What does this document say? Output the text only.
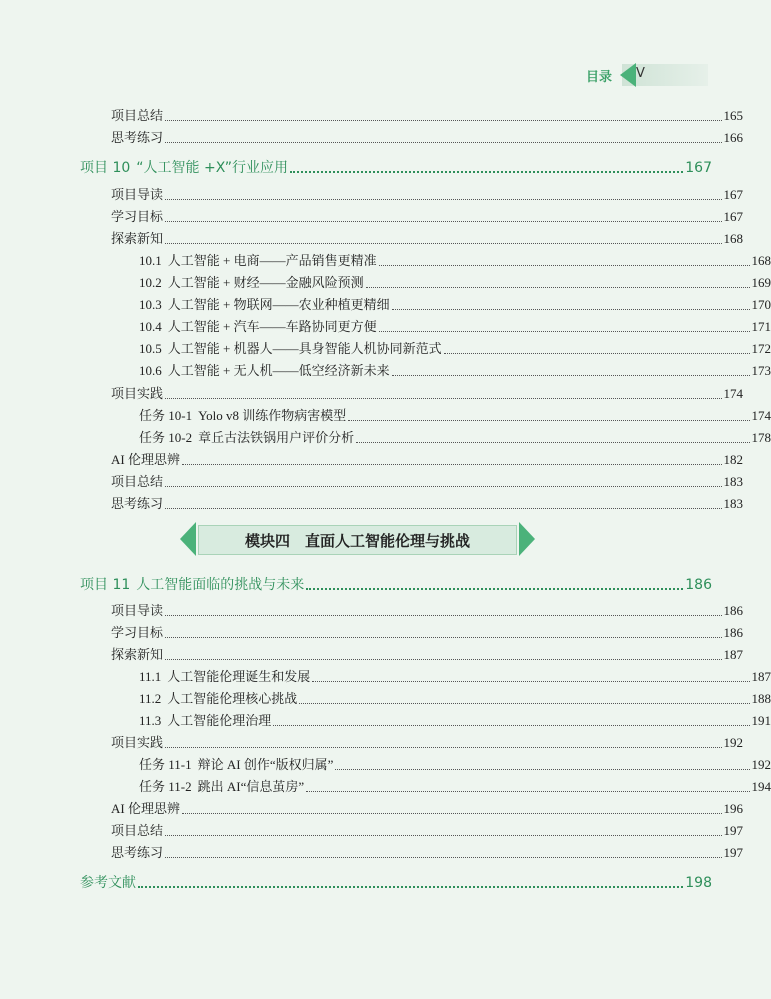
目录 V
项目总结	165
思考练习	166
项目 10 “人工智能 +X”行业应用	167
项目导读	167
学习目标	167
探索新知	168
10.1 人工智能 + 电商——产品销售更精准	168
10.2 人工智能 + 财经——金融风险预测	169
10.3 人工智能 + 物联网——农业种植更精细	170
10.4 人工智能 + 汽车——车路协同更方便	171
10.5 人工智能 + 机器人——具身智能人机协同新范式	172
10.6 人工智能 + 无人机——低空经济新未来	173
项目实践	174
任务 10-1 Yolo v8 训练作物病害模型	174
任务 10-2 章丘古法铁锅用户评价分析	178
AI 伦理思辨	182
项目总结	183
思考练习	183
模块四　直面人工智能伦理与挑战
项目 11 人工智能面临的挑战与未来	186
项目导读	186
学习目标	186
探索新知	187
11.1 人工智能伦理诞生和发展	187
11.2 人工智能伦理核心挑战	188
11.3 人工智能伦理治理	191
项目实践	192
任务 11-1 辩论 AI 创作“版权归属”	192
任务 11-2 跳出 AI“信息茧房”	194
AI 伦理思辨	196
项目总结	197
思考练习	197
参考文献	198
